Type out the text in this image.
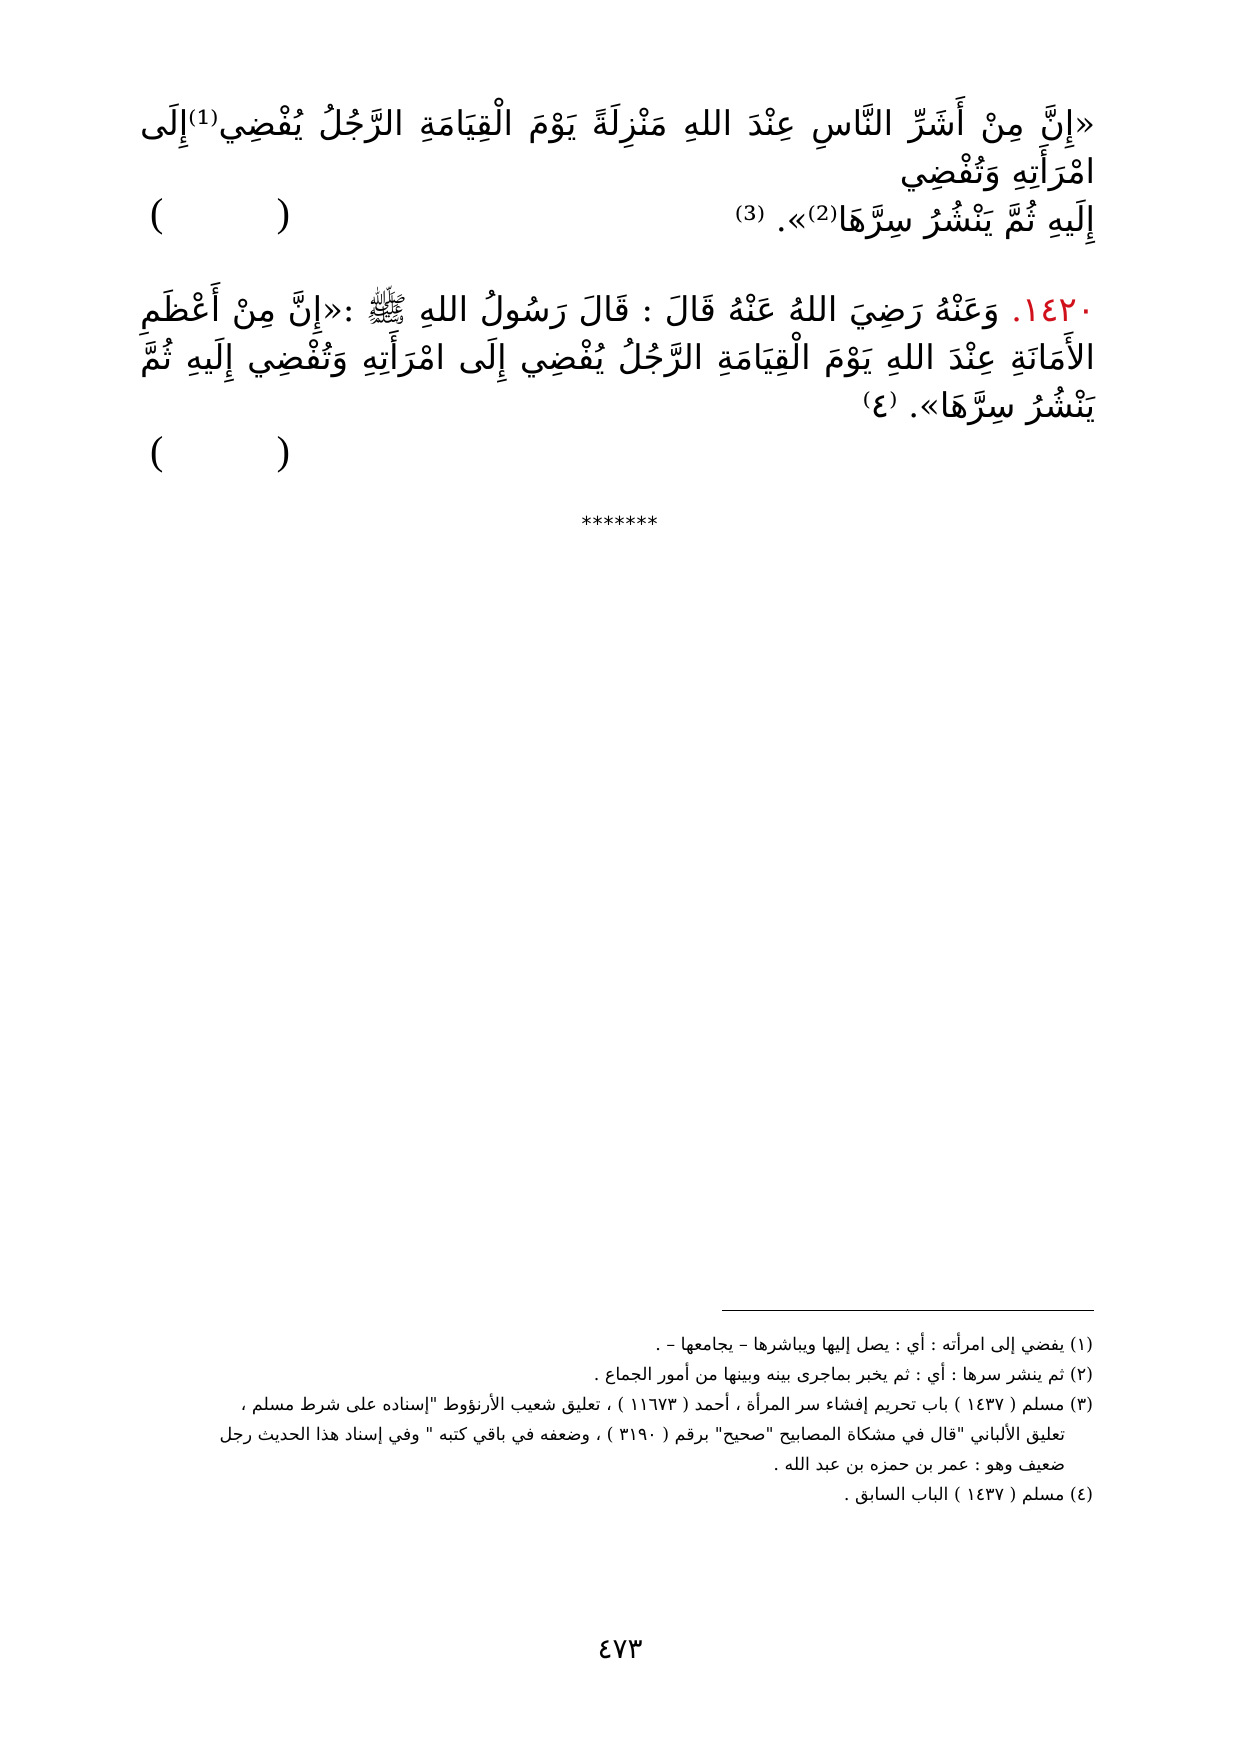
«إِنَّ مِنْ أَشَرِّ النَّاسِ عِنْدَ اللهِ مَنْزِلَةً يَوْمَ الْقِيَامَةِ الرَّجُلُ يُفْضِي⁽¹⁾إِلَى امْرَأَتِهِ وَتُفْضِي
إِلَيهِ ثُمَّ يَنْشُرُ سِرَّهَا⁽²⁾». ⁽³⁾
(	)
١٤٢٠. وَعَنْهُ رَضِيَ اللهُ عَنْهُ قَالَ : قَالَ رَسُولُ اللهِ ﷺ :«إِنَّ مِنْ أَعْظَمِ الأَمَانَةِ عِنْدَ اللهِ يَوْمَ الْقِيَامَةِ الرَّجُلُ يُفْضِي إِلَى امْرَأَتِهِ وَتُفْضِي إِلَيهِ ثُمَّ يَنْشُرُ سِرَّهَا». ⁽٤⁾
(	)
*******

(١) يفضي إلى امرأته : أي : يصل إليها ويباشرها – يجامعها – .

(٢) ثم ينشر سرها : أي : ثم يخبر بماجرى بينه وبينها من أمور الجماع .

(٣) مسلم ( ١٤٣٧ ) باب تحريم إفشاء سر المرأة ، أحمد ( ١١٦٧٣ ) ، تعليق شعيب الأرنؤوط "إسناده على شرط مسلم ،

تعليق الألباني "قال في مشكاة المصابيح "صحيح" برقم ( ٣١٩٠ ) ، وضعفه في باقي كتبه " وفي إسناد هذا الحديث رجل

ضعيف وهو : عمر بن حمزه بن عبد الله .

(٤) مسلم ( ١٤٣٧ ) الباب السابق .

٤٧٣
